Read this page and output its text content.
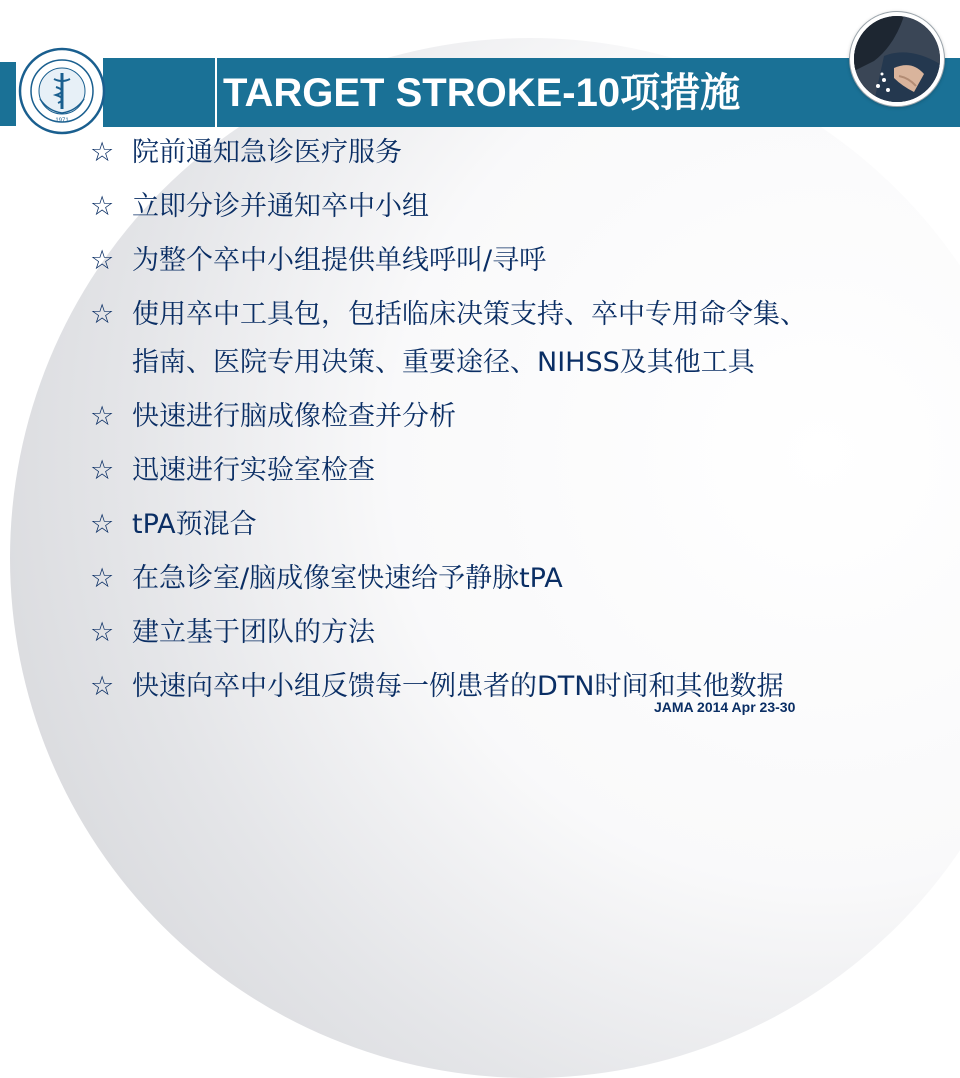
TARGET STROKE-10项措施
1971
☆ 院前通知急诊医疗服务
☆ 立即分诊并通知卒中小组
☆ 为整个卒中小组提供单线呼叫/寻呼
☆ 使用卒中工具包，包括临床决策支持、卒中专用命令集、
指南、医院专用决策、重要途径、NIHSS及其他工具
☆ 快速进行脑成像检查并分析
☆ 迅速进行实验室检查
☆ tPA预混合
☆ 在急诊室/脑成像室快速给予静脉tPA
☆ 建立基于团队的方法
☆ 快速向卒中小组反馈每一例患者的DTN时间和其他数据
JAMA 2014 Apr 23-30
